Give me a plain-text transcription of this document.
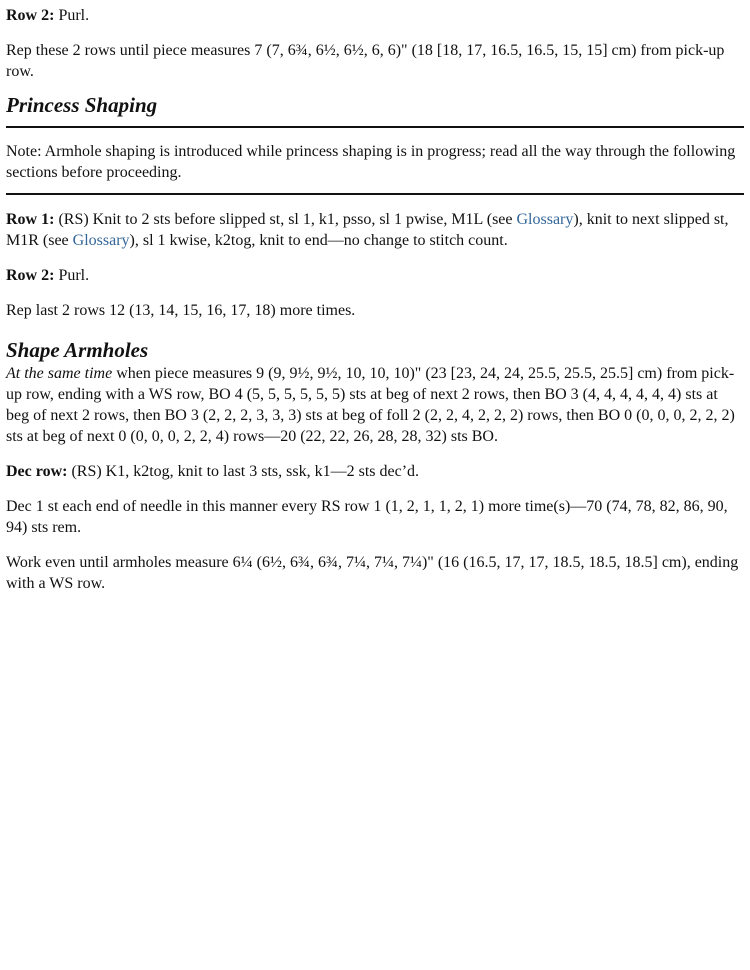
Row 2: Purl.

Rep these 2 rows until piece measures 7 (7, 6¾, 6½, 6½, 6, 6)" (18 [18, 17, 16.5, 16.5, 15, 15] cm) from pick-up row.

Princess Shaping

Note: Armhole shaping is introduced while princess shaping is in progress; read all the way through the following sections before proceeding.

Row 1: (RS) Knit to 2 sts before slipped st, sl 1, k1, psso, sl 1 pwise, M1L (see Glossary), knit to next slipped st, M1R (see Glossary), sl 1 kwise, k2tog, knit to end—no change to stitch count.

Row 2: Purl.

Rep last 2 rows 12 (13, 14, 15, 16, 17, 18) more times.

Shape Armholes

At the same time when piece measures 9 (9, 9½, 9½, 10, 10, 10)" (23 [23, 24, 24, 25.5, 25.5, 25.5] cm) from pick-up row, ending with a WS row, BO 4 (5, 5, 5, 5, 5, 5) sts at beg of next 2 rows, then BO 3 (4, 4, 4, 4, 4, 4) sts at beg of next 2 rows, then BO 3 (2, 2, 2, 3, 3, 3) sts at beg of foll 2 (2, 2, 4, 2, 2, 2) rows, then BO 0 (0, 0, 0, 2, 2, 2) sts at beg of next 0 (0, 0, 0, 2, 2, 4) rows—20 (22, 22, 26, 28, 28, 32) sts BO.

Dec row: (RS) K1, k2tog, knit to last 3 sts, ssk, k1—2 sts dec’d.

Dec 1 st each end of needle in this manner every RS row 1 (1, 2, 1, 1, 2, 1) more time(s)—70 (74, 78, 82, 86, 90, 94) sts rem.

Work even until armholes measure 6¼ (6½, 6¾, 6¾, 7¼, 7¼, 7¼)" (16 (16.5, 17, 17, 18.5, 18.5, 18.5] cm), ending with a WS row.
